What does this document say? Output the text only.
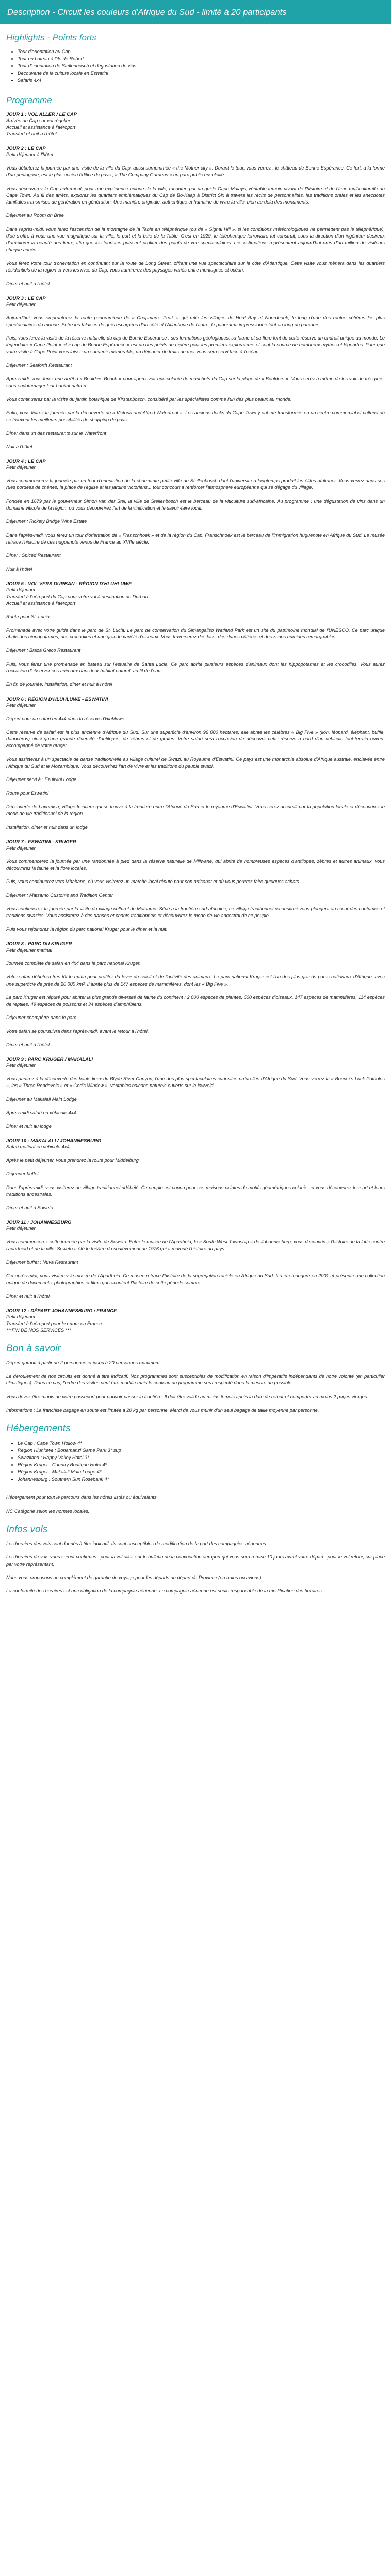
Description - Circuit les couleurs d'Afrique du Sud - limité à 20 participants
Highlights - Points forts
• Tour d'orientation au Cap
• Tour en bateau à l'île de Robert
• Tour d'orientation de Stellenbosch et dégustation de vins
• Découverte de la culture locale en Eswatini
• Safaris 4x4
Programme

JOUR 1 : VOL ALLER / LE CAP

Arrivée au Cap sur vol régulier.

Accueil et assistance à l'aéroport

Transfert et nuit à l'hôtel

JOUR 2 : LE CAP

Petit déjeuner à l'hôtel

Vous débuterez la journée par une visite de la ville du Cap, aussi surnommée « the Mother city ». Durant le tour, vous verrez : le château de Bonne Espérance. Ce fort, à la forme d'un pentagone, est le plus ancien édifice du pays ; « The Company Gardens » un parc public ensoleillé.

Vous découvrirez le Cap autrement, pour une expérience unique de la ville, racontée par un guide Cape Malays, véritable témoin vivant de l'histoire et de l'âme multiculturelle du Cape Town. Au fil des arrêts, explorez les quartiers emblématiques du Cap de Bo-Kaap à District Six à travers les récits de personnalités, les traditions orales et les anecdotes familiales transmises de génération en génération. Une manière originale, authentique et humaine de vivre la ville, bien au-delà des monuments.

Déjeuner au Room on Bree

Dans l'après-midi, vous ferez l'ascension de la montagne de la Table en téléphérique (ou de « Signal Hill », si les conditions météorologiques ne permettent pas le téléphérique), d'où s'offre à vous une vue magnifique sur la ville, le port et la baie de la Table. C'est en 1929, le téléphérique ferroviaire fut construit, sous la direction d'un ingénieur désireux d'améliorer la beauté des lieux, afin que les touristes puissent profiter des points de vue spectaculaires. Les estimations représentent aujourd'hui près d'un million de visiteurs chaque année.

Vous ferez votre tour d'orientation en continuant sur la route de Long Street, offrant une vue spectaculaire sur la côte d'Atlantique. Cette visite vous mènera dans les quartiers résidentiels de la région et vers les rives du Cap, vous admirerez des paysages variés entre montagnes et océan.

Dîner et nuit à l'hôtel

JOUR 3 : LE CAP

Petit déjeuner

Aujourd'hui, vous emprunterez la route panoramique de « Chapman's Peak » qui relie les villages de Hout Bay et Noordhoek, le long d'une des routes côtières les plus spectaculaires du monde. Entre les falaises de grès escarpées d'un côté et l'Atlantique de l'autre, le panorama impressionne tout au long du parcours.

Puis, vous ferez la visite de la réserve naturelle du cap de Bonne Espérance : ses formations géologiques, sa faune et sa flore font de cette réserve un endroit unique au monde. Le légendaire « Cape Point » et « cap de Bonne Espérance » est un des points de repère pour les premiers explorateurs et sont la source de nombreux mythes et légendes. Pour que votre visite à Cape Point vous laisse un souvenir mémorable, un déjeuner de fruits de mer vous sera servi face à l'océan.

Déjeuner : Seaforth Restaurant

Après-midi, vous ferez une arrêt à « Boulders Beach » pour apercevoir une colonie de manchots du Cap sur la plage de « Boulders ». Vous serez à même de les voir de très près, sans endommager leur habitat naturel.

Vous continuerez par la visite du jardin botanique de Kirstenbosch, considéré par les spécialistes comme l'un des plus beaux au monde.

Enfin, vous finirez la journée par la découverte du « Victoria and Alfred Waterfront ». Les anciens docks du Cape Town y ont été transformés en un centre commercial et culturel où se trouvent les meilleurs possibilités de shopping du pays.

Dîner dans un des restaurants sur le Waterfront

Nuit à l'hôtel

JOUR 4 : LE CAP

Petit déjeuner

Vous commencerez la journée par un tour d'orientation de la charmante petite ville de Stellenbosch dont l'université a longtemps produit les élites afrikaner. Vous verrez dans ses rues bordées de chênes, la place de l'église et les jardins victoriens... tout concourt à renforcer l'atmosphère européenne qui se dégage du village.

Fondée en 1679 par le gouverneur Simon van der Stel, la ville de Stellenbosch est le berceau de la viticulture sud-africaine. Au programme : une dégustation de vins dans un domaine viticole de la région, où vous découvrirez l'art de la vinification et le savoir-faire local.

Déjeuner : Rickety Bridge Wine Estate

Dans l'après-midi, vous ferez un tour d'orientation de « Franschhoek » et de la région du Cap. Franschhoek est le berceau de l'immigration huguenote en Afrique du Sud. Le musée retrace l'histoire de ces huguenots venus de France au XVIIe siècle.

Dîner : Spiced Restaurant

Nuit à l'hôtel

JOUR 5 : VOL VERS DURBAN - RÉGION D'HLUHLUWE

Petit déjeuner

Transfert à l'aéroport du Cap pour votre vol à destination de Durban.

Accueil et assistance à l'aéroport

Route pour St. Lucia

Promenade avec votre guide dans le parc de St. Lucia. Le parc de conservation du Simangaliso Wetland Park est un site du patrimoine mondial de l'UNESCO. Ce parc unique abrite des hippopotames, des crocodiles et une grande variété d'oiseaux. Vous traverserez des lacs, des dunes côtières et des zones humides remarquables.

Déjeuner : Braza Greco Restaurant

Puis, vous ferez une promenade en bateau sur l'estuaire de Santa Lucia. Ce parc abrite plusieurs espèces d'animaux dont les hippopotames et les crocodiles. Vous aurez l'occasion d'observer ces animaux dans leur habitat naturel, au fil de l'eau.

En fin de journée, installation, dîner et nuit à l'hôtel

JOUR 6 : RÉGION D'HLUHLUWE - ESWATINI

Petit déjeuner

Départ pour un safari en 4x4 dans la réserve d'Hluhluwe.

Cette réserve de safari est la plus ancienne d'Afrique du Sud. Sur une superficie d'environ 96 000 hectares, elle abrite les célèbres « Big Five » (lion, léopard, éléphant, buffle, rhinocéros) ainsi qu'une grande diversité d'antilopes, de zèbres et de girafes. Votre safari sera l'occasion de découvrir cette réserve à bord d'un véhicule tout-terrain ouvert, accompagné de votre ranger.

Vous assisterez à un spectacle de danse traditionnelle au village culturel de Swazi, au Royaume d'Eswatini. Ce pays est une monarchie absolue d'Afrique australe, enclavée entre l'Afrique du Sud et le Mozambique. Vous découvrirez l'art de vivre et les traditions du peuple swazi.

Déjeuner servi à : Ezulwini Lodge

Route pour Eswatini

Découverte de Lavumisa, village frontière qui se trouve à la frontière entre l'Afrique du Sud et le royaume d'Eswatini. Vous serez accueilli par la population locale et découvrirez le mode de vie traditionnel de la région.

Installation, dîner et nuit dans un lodge

JOUR 7 : ESWATINI - KRUGER

Petit déjeuner

Vous commencerez la journée par une randonnée à pied dans la réserve naturelle de Mlilwane, qui abrite de nombreuses espèces d'antilopes, zèbres et autres animaux, vous découvrirez la faune et la flore locales.

Puis, vous continuerez vers Mbabane, où vous visiterez un marché local réputé pour son artisanat et où vous pourrez faire quelques achats.

Déjeuner : Matsamo Customs and Tradition Center

Vous continuerez la journée par la visite du village culturel de Matsamo. Situé à la frontière sud-africaine, ce village traditionnel reconstitué vous plongera au cœur des coutumes et traditions swazies. Vous assisterez à des danses et chants traditionnels et découvrirez le mode de vie ancestral de ce peuple.

Puis vous rejoindrez la région du parc national Kruger pour le dîner et la nuit.

JOUR 8 : PARC DU KRUGER

Petit déjeuner matinal

Journée complète de safari en 4x4 dans le parc national Kruger.

Votre safari débutera très tôt le matin pour profiter du lever du soleil et de l'activité des animaux. Le parc national Kruger est l'un des plus grands parcs nationaux d'Afrique, avec une superficie de près de 20 000 km². Il abrite plus de 147 espèces de mammifères, dont les « Big Five ».

Le parc Kruger est réputé pour abriter la plus grande diversité de faune du continent : 2 000 espèces de plantes, 500 espèces d'oiseaux, 147 espèces de mammifères, 114 espèces de reptiles, 49 espèces de poissons et 34 espèces d'amphibiens.

Déjeuner champêtre dans le parc

Votre safari se poursuivra dans l'après-midi, avant le retour à l'hôtel.

Dîner et nuit à l'hôtel

JOUR 9 : PARC KRUGER / MAKALALI

Petit déjeuner

Vous partirez à la découverte des hauts lieux du Blyde River Canyon, l'une des plus spectaculaires curiosités naturelles d'Afrique du Sud. Vous verrez la « Bourke's Luck Potholes », les « Three Rondavels » et « God's Window », véritables balcons naturels ouverts sur le lowveld.

Déjeuner au Makalali Main Lodge

Après-midi safari en véhicule 4x4

Dîner et nuit au lodge

JOUR 10 : MAKALALI / JOHANNESBURG

Safari matinal en véhicule 4x4

Après le petit déjeuner, vous prendrez la route pour Middelburg

Déjeuner buffet

Dans l'après-midi, vous visiterez un village traditionnel ndébélé. Ce peuple est connu pour ses maisons peintes de motifs géométriques colorés, et vous découvrirez leur art et leurs traditions ancestrales.

Dîner et nuit à Soweto

JOUR 11 : JOHANNESBURG

Petit déjeuner

Vous commencerez cette journée par la visite de Soweto. Entre le musée de l'Apartheid, la « South West Township » de Johannesburg, vous découvrirez l'histoire de la lutte contre l'apartheid et de la ville. Soweto a été le théâtre du soulèvement de 1976 qui a marqué l'histoire du pays.

Déjeuner buffet : Nuva Restaurant

Cet après-midi, vous visiterez le musée de l'Apartheid. Ce musée retrace l'histoire de la ségrégation raciale en Afrique du Sud. Il a été inauguré en 2001 et présente une collection unique de documents, photographies et films qui racontent l'histoire de cette période sombre.

Dîner et nuit à l'hôtel

JOUR 12 : DÉPART JOHANNESBURG / FRANCE

Petit déjeuner

Transfert à l'aéroport pour le retour en France

***FIN DE NOS SERVICES ***

Bon à savoir

Départ garanti à partir de 2 personnes et jusqu'à 20 personnes maximum.

Le déroulement de nos circuits est donné à titre indicatif. Nos programmes sont susceptibles de modification en raison d'impératifs indépendants de notre volonté (en particulier climatiques). Dans ce cas, l'ordre des visites peut être modifié mais le contenu du programme sera respecté dans la mesure du possible.

Vous devez être munis de votre passeport pour pouvoir passer la frontière. Il doit être valide au moins 6 mois après la date de retour et comporter au moins 2 pages vierges.

Informations : La franchise bagage en soute est limitée à 20 kg par personne. Merci de vous munir d'un seul bagage de taille moyenne par personne.

Hébergements
• Le Cap : Cape Town Hollow 4*
• Région Hluhluwe : Bonamanzi Game Park 3* sup
• Swaziland : Happy Valley Hotel 3*
• Région Kruger : Country Boutique Hotel 4*
• Région Kruger : Makalali Main Lodge 4*
• Johannesburg : Southern Sun Rosebank 4*

Hébergement pour tout le parcours dans les hôtels listés ou équivalents.

NC Catégorie selon les normes locales.

Infos vols

Les horaires des vols sont donnés à titre indicatif. Ils sont susceptibles de modification de la part des compagnies aériennes.

Les horaires de vols vous seront confirmés : pour la vol aller, sur le bulletin de la convocation aéroport qui vous sera remise 10 jours avant votre départ ; pour le vol retour, sur place par votre représentant.

Nous vous proposons un complément de garantie de voyage pour les départs au départ de Province (en trains ou avions).

La conformité des horaires est une obligation de la compagnie aérienne. La compagnie aérienne est seule responsable de la modification des horaires.
